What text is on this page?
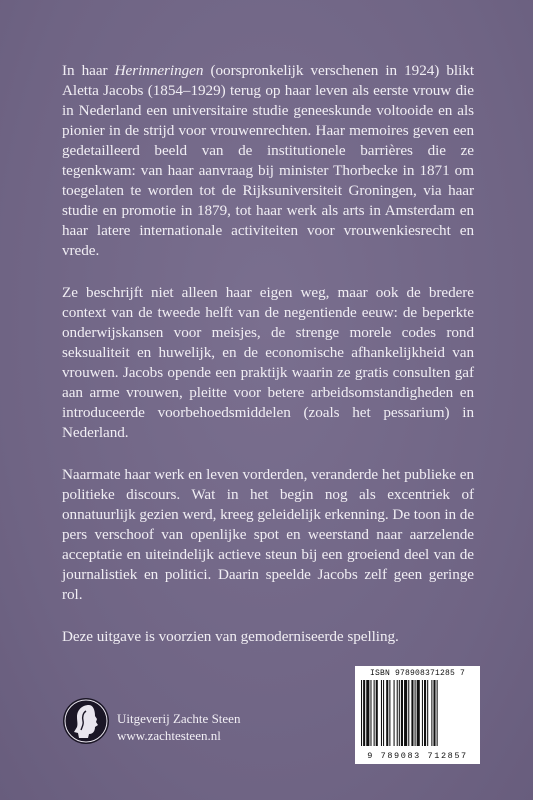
In haar Herinneringen (oorspronkelijk verschenen in 1924) blikt Aletta Jacobs (1854–1929) terug op haar leven als eerste vrouw die in Nederland een universitaire studie geneeskunde voltooide en als pionier in de strijd voor vrouwenrechten. Haar memoires geven een gedetailleerd beeld van de institutionele barrières die ze tegenkwam: van haar aanvraag bij minister Thorbecke in 1871 om toegelaten te worden tot de Rijksuniversiteit Groningen, via haar studie en promotie in 1879, tot haar werk als arts in Amsterdam en haar latere internationale activiteiten voor vrouwenkiesrecht en vrede.

Ze beschrijft niet alleen haar eigen weg, maar ook de bredere context van de tweede helft van de negentiende eeuw: de beperkte onderwijskansen voor meisjes, de strenge morele codes rond seksualiteit en huwelijk, en de economische afhankelijkheid van vrouwen. Jacobs opende een praktijk waarin ze gratis consulten gaf aan arme vrouwen, pleitte voor betere arbeidsomstandigheden en introduceerde voorbehoedsmiddelen (zoals het pessarium) in Nederland.

Naarmate haar werk en leven vorderden, veranderde het publieke en politieke discours. Wat in het begin nog als excentriek of onnatuurlijk gezien werd, kreeg geleidelijk erkenning. De toon in de pers verschoof van openlijke spot en weerstand naar aarzelende acceptatie en uiteindelijk actieve steun bij een groeiend deel van de journalistiek en politici. Daarin speelde Jacobs zelf geen geringe rol.

Deze uitgave is voorzien van gemoderniseerde spelling.

Uitgeverij Zachte Steen
www.zachtesteen.nl
ISBN 978908371285 7
9 789083 712857
